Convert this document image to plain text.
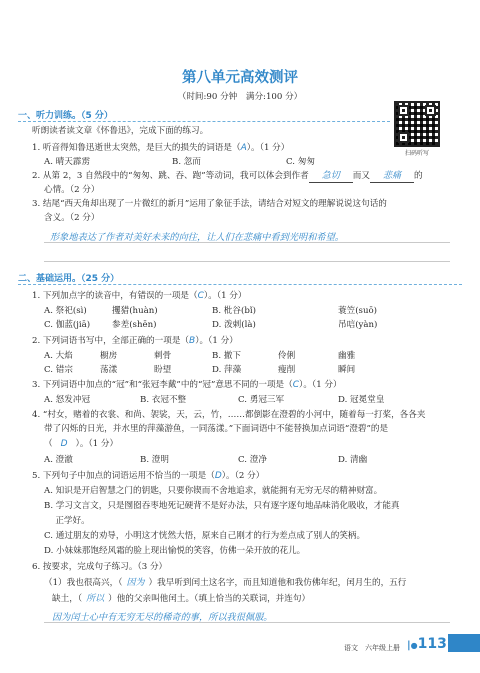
第八单元高效测评
（时间:90 分钟　满分:100 分）
扫码听写
一、听力训练。（5 分）
听朗读者读文章《怀鲁迅》，完成下面的练习。
1. 听音得知鲁迅逝世太突然，是巨大的损失的词语是（A）。（1 分）
A. 晴天霹雳	B. 忽而	C. 匆匆
2. 从第 2，3 自然段中的“匆匆、跳、吞、跑”等动词，我可以体会到作者 急切 而又 悲痛 的
心情。（2 分）
3. 结尾“西天角却出现了一片微红的新月”运用了象征手法，请结合对短文的理解说说这句话的
含义。（2 分）
形象地表达了作者对美好未来的向往，让人们在悲痛中看到光明和希望。
二、基础运用。（25 分）
1. 下列加点字的读音中，有错误的一项是（C）。（1 分）
A. 祭祀(sì)	攫猎(huàn)	B. 枇谷(bǐ)	蓑笠(suō)
C. 伽蓝(jiā)	参差(shēn)	D. 泼剌(là)	吊唁(yàn)
2. 下列词语书写中，全部正确的一项是（B）。（1 分）
A. 大焰	橱房	刺骨	B. 撤下	伶俐	幽雅
C. 错宗	荡漾	盼望	D. 萍藻	瘦削	瞬间
3. 下列词语中加点的“冠”和“张冠李戴”中的“冠”意思不同的一项是（C）。（1 分）
A. 怒发冲冠	B. 衣冠不整	C. 勇冠三军	D. 冠冕堂皇
4. “村女，赌着的衣裳、和尚、袈裟，天，云，竹，……都倒影在澄碧的小河中，随着每一打桨，各各夹
带了闪烁的日光，并水里的萍藻游鱼，一同荡漾。”下面词语中不能替换加点词语“澄碧”的是
（ D ）。（1 分）
A. 澄澈	B. 澄明	C. 澄净	D. 清幽
5. 下列句子中加点的词语运用不恰当的一项是（D）。（2 分）
A. 知识是开启智慧之门的钥匙，只要你锲而不舍地追求，就能拥有无穷无尽的精神财富。
B. 学习文言文，只是囫囵吞枣地死记硬背不是好办法，只有逐字逐句地品味消化吸收，才能真
　 正学好。
C. 通过朋友的劝导，小明这才恍然大悟，原来自己刚才的行为差点成了别人的笑柄。
D. 小妹妹那饱经风霜的脸上现出愉悦的笑容，仿佛一朵开放的花儿。
6. 按要求，完成句子练习。（3 分）
（1）我也很高兴，（ 因为 ）我早听到闰土这名字，而且知道他和我仿佛年纪，闰月生的，五行
缺土，（ 所以 ）他的父亲叫他闰土。（填上恰当的关联词，并连句）
因为闰土心中有无穷无尽的稀奇的事，所以我很佩服。
语文　六年级上册 |●113
